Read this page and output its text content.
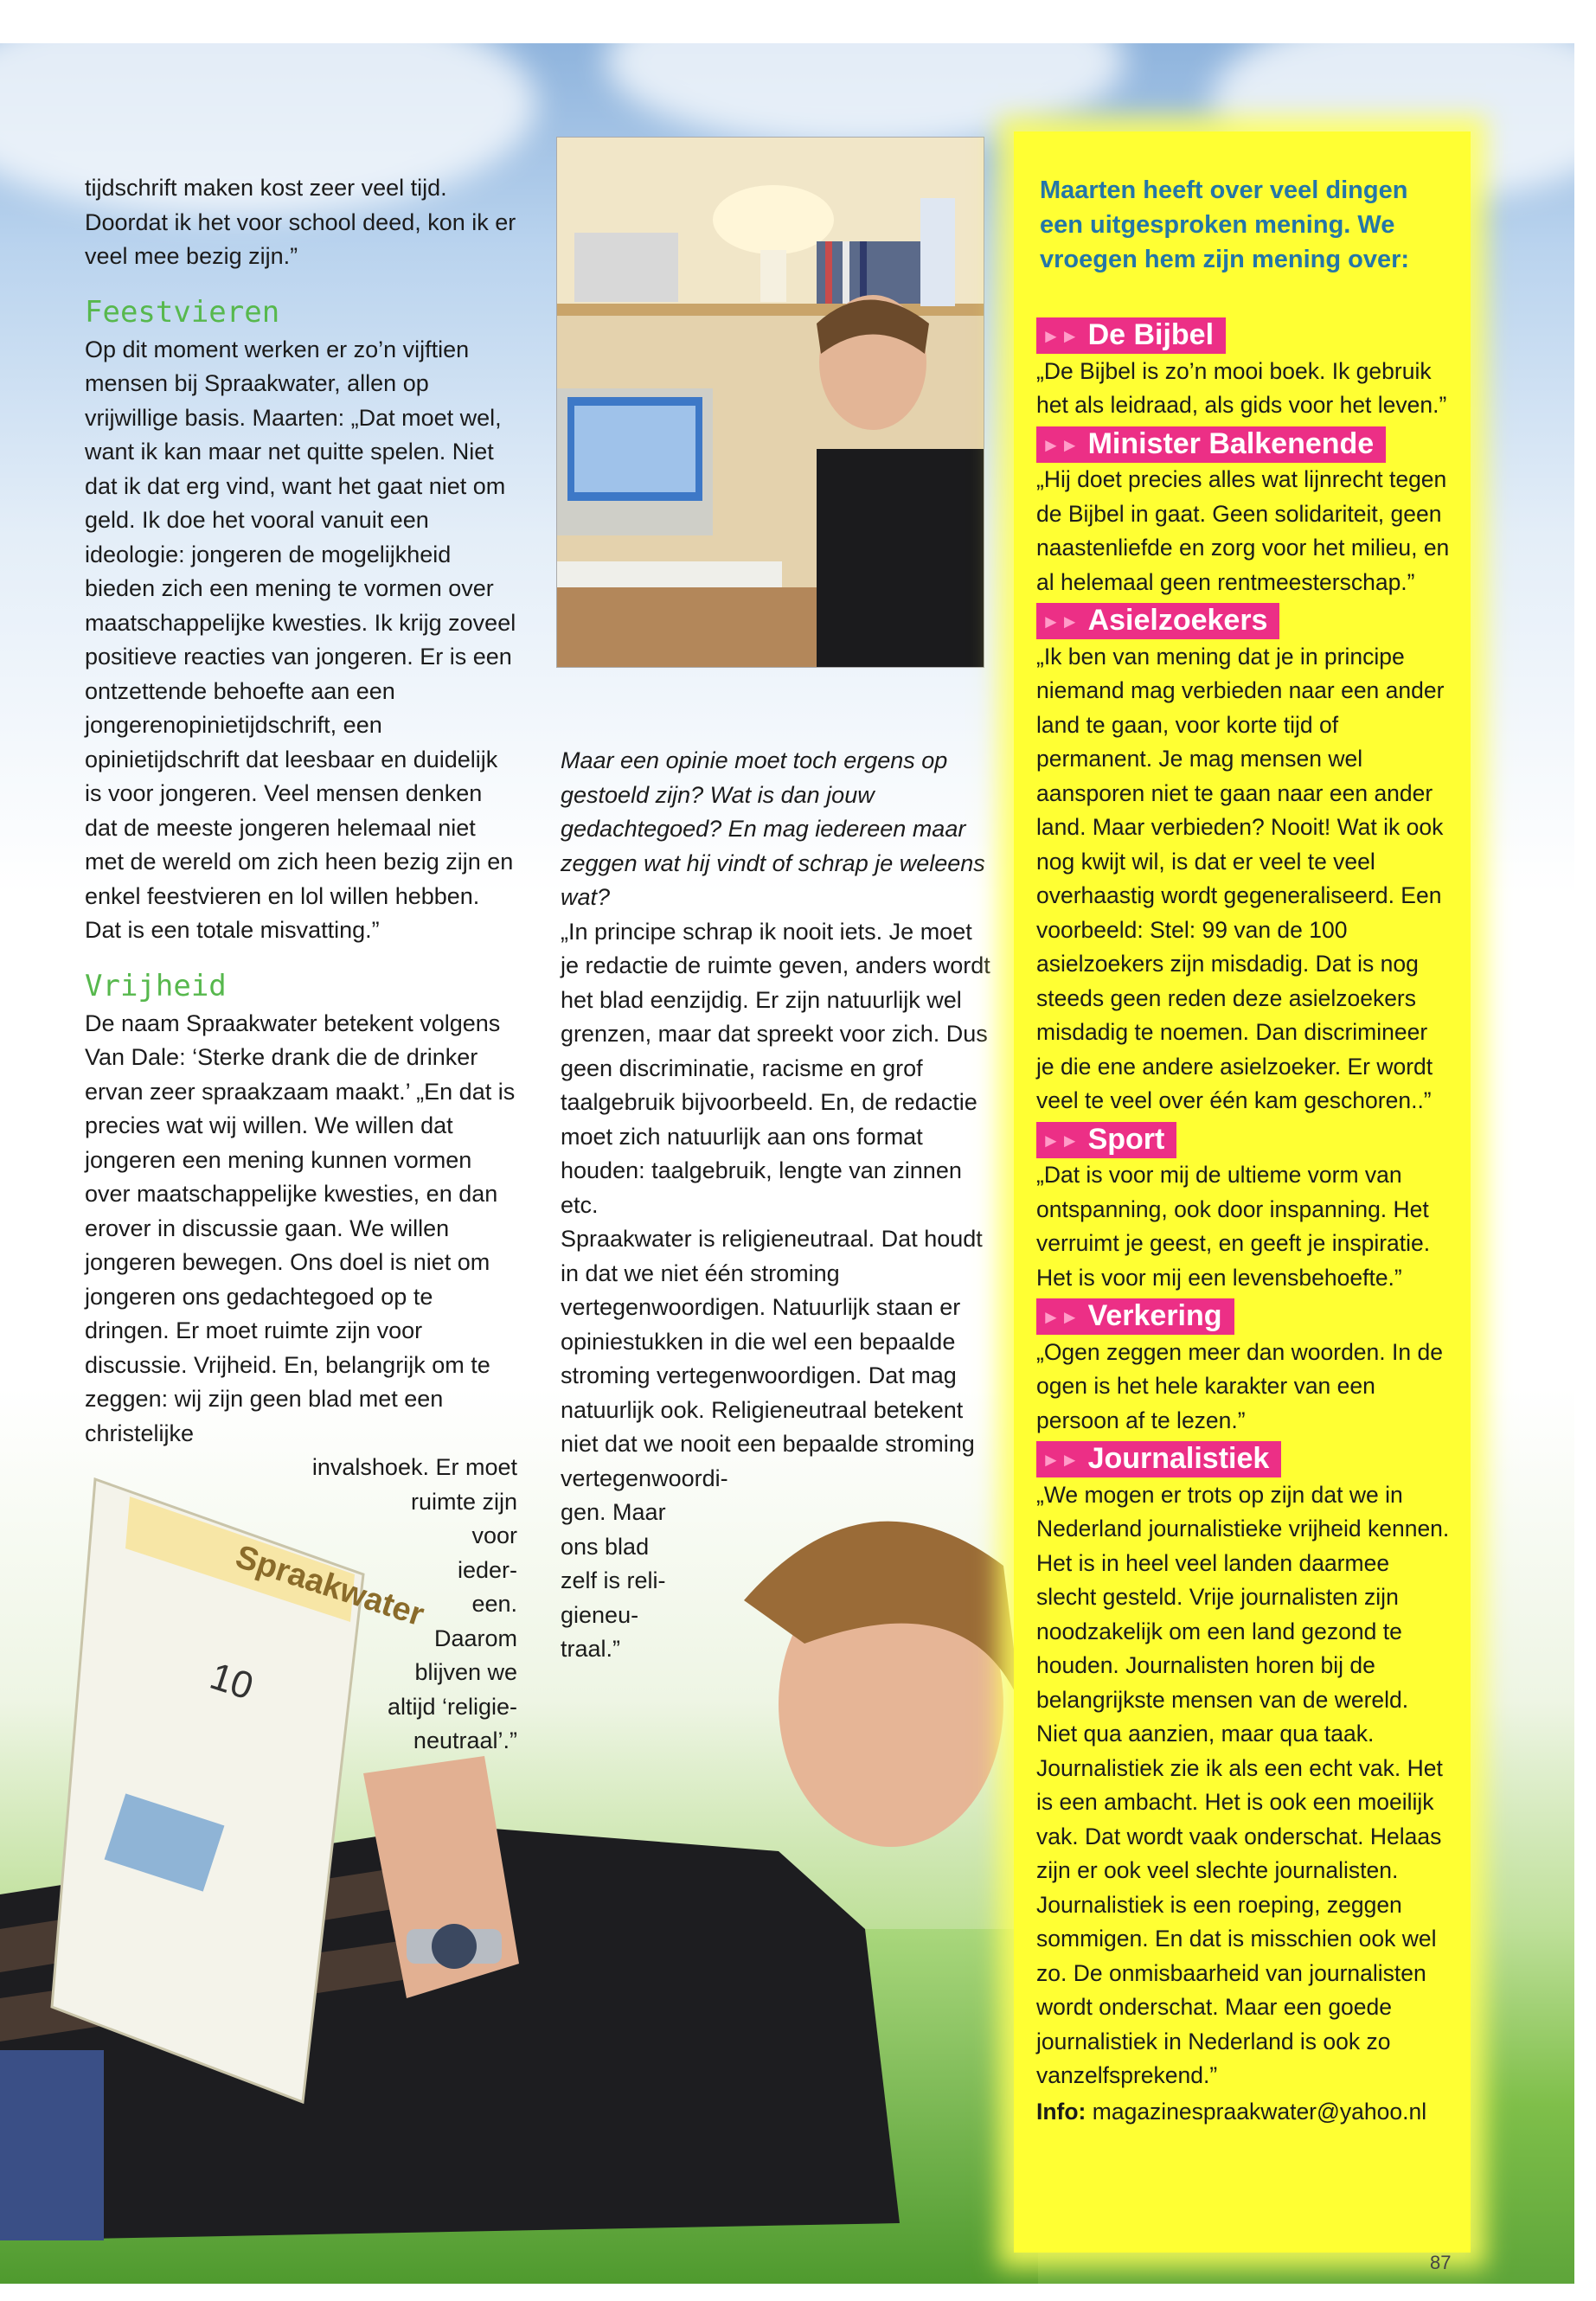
tijdschrift maken kost zeer veel tijd. Doordat ik het voor school deed, kon ik er veel mee bezig zijn.”

Feestvieren

Op dit moment werken er zo’n vijftien mensen bij Spraakwater, allen op vrijwillige basis. Maarten: „Dat moet wel, want ik kan maar net quitte spelen. Niet dat ik dat erg vind, want het gaat niet om geld. Ik doe het vooral vanuit een ideologie: jongeren de mogelijkheid bieden zich een mening te vormen over maatschappelijke kwesties. Ik krijg zoveel positieve reacties van jongeren. Er is een ontzettende behoefte aan een jongerenopinietijdschrift, een opinietijdschrift dat leesbaar en duidelijk is voor jongeren. Veel mensen denken dat de meeste jongeren helemaal niet met de wereld om zich heen bezig zijn en enkel feestvieren en lol willen hebben. Dat is een totale misvatting.”

Vrijheid

De naam Spraakwater betekent volgens Van Dale: ‘Sterke drank die de drinker ervan zeer spraakzaam maakt.’ „En dat is precies wat wij willen. We willen dat jongeren een mening kunnen vormen over maatschappelijke kwesties, en dan erover in discussie gaan. We willen jongeren bewegen. Ons doel is niet om jongeren ons gedachtegoed op te dringen. Er moet ruimte zijn voor discussie. Vrijheid. En, belangrijk om te zeggen: wij zijn geen blad met een christelijke

invalshoek. Er moet
ruimte zijn
voor
ieder-
een.
Daarom
blijven we
altijd ‘religie-
neutraal’.”

Maar een opinie moet toch ergens op gestoeld zijn? Wat is dan jouw gedachtegoed? En mag iedereen maar zeggen wat hij vindt of schrap je weleens wat?

„In principe schrap ik nooit iets. Je moet je redactie de ruimte geven, anders wordt het blad eenzijdig. Er zijn natuurlijk wel grenzen, maar dat spreekt voor zich. Dus geen discriminatie, racisme en grof taalgebruik bijvoorbeeld. En, de redactie moet zich natuurlijk aan ons format houden: taalgebruik, lengte van zinnen etc.

Spraakwater is religieneutraal. Dat houdt in dat we niet één stroming vertegenwoordigen. Natuurlijk staan er opiniestukken in die wel een bepaalde stroming vertegenwoordigen. Dat mag natuurlijk ook. Religieneutraal betekent niet dat we nooit een bepaalde stroming

vertegenwoordi-
gen. Maar
ons blad
zelf is reli-
gieneu-
traal.”
Spraakwater
10
Maarten heeft over veel dingen een uitgesproken mening. We vroegen hem zijn mening over:
►► De Bijbel

„De Bijbel is zo’n mooi boek. Ik gebruik het als leidraad, als gids voor het leven.”

►► Minister Balkenende

„Hij doet precies alles wat lijnrecht tegen de Bijbel in gaat. Geen solidariteit, geen naastenliefde en zorg voor het milieu, en al helemaal geen rentmeesterschap.”

►► Asielzoekers

„Ik ben van mening dat je in principe niemand mag verbieden naar een ander land te gaan, voor korte tijd of permanent. Je mag mensen wel aansporen niet te gaan naar een ander land. Maar verbieden? Nooit! Wat ik ook nog kwijt wil, is dat er veel te veel overhaastig wordt gegeneraliseerd. Een voorbeeld: Stel: 99 van de 100 asielzoekers zijn misdadig. Dat is nog steeds geen reden deze asielzoekers misdadig te noemen. Dan discrimineer je die ene andere asielzoeker. Er wordt veel te veel over één kam geschoren..”

►► Sport

„Dat is voor mij de ultieme vorm van ontspanning, ook door inspanning. Het verruimt je geest, en geeft je inspiratie. Het is voor mij een levensbehoefte.”

►► Verkering

„Ogen zeggen meer dan woorden. In de ogen is het hele karakter van een persoon af te lezen.”

►► Journalistiek

„We mogen er trots op zijn dat we in Nederland journalistieke vrijheid kennen. Het is in heel veel landen daarmee slecht gesteld. Vrije journalisten zijn noodzakelijk om een land gezond te houden. Journalisten horen bij de belangrijkste mensen van de wereld. Niet qua aanzien, maar qua taak. Journalistiek zie ik als een echt vak. Het is een ambacht. Het is ook een moeilijk vak. Dat wordt vaak onderschat. Helaas zijn er ook veel slechte journalisten. Journalistiek is een roeping, zeggen sommigen. En dat is misschien ook wel zo. De onmisbaarheid van journalisten wordt onderschat. Maar een goede journalistiek in Nederland is ook zo vanzelfsprekend.”

Info: magazinespraakwater@yahoo.nl

87
